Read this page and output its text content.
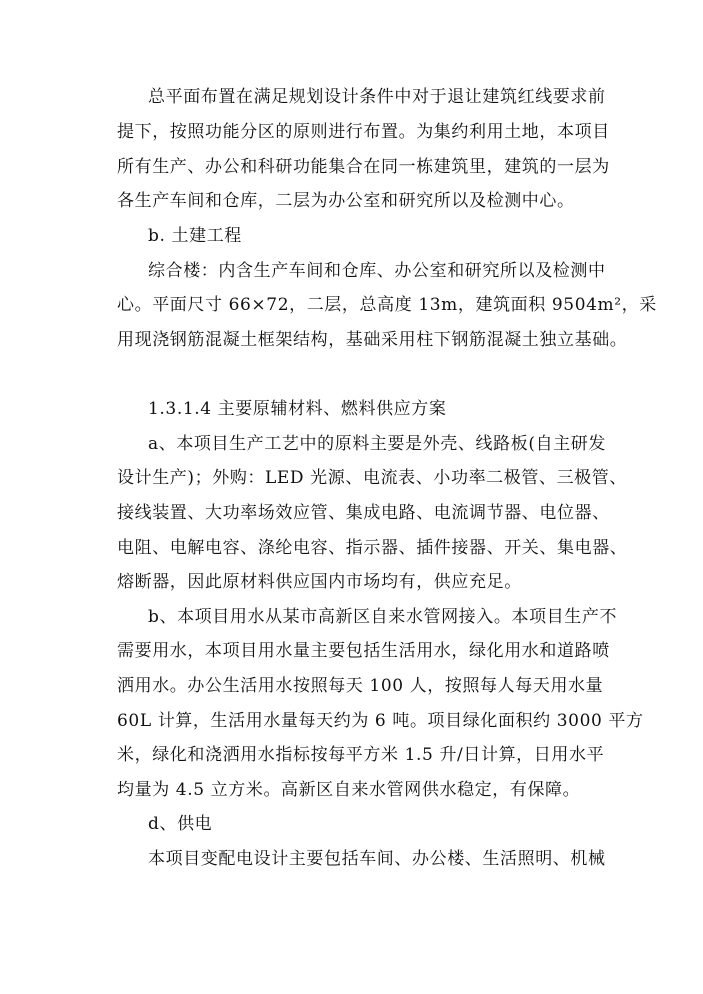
总平面布置在满足规划设计条件中对于退让建筑红线要求前
提下，按照功能分区的原则进行布置。为集约利用土地，本项目
所有生产、办公和科研功能集合在同一栋建筑里，建筑的一层为
各生产车间和仓库，二层为办公室和研究所以及检测中心。
b. 土建工程
综合楼：内含生产车间和仓库、办公室和研究所以及检测中
心。平面尺寸 66×72，二层，总高度 13m，建筑面积 9504m²，采
用现浇钢筋混凝土框架结构，基础采用柱下钢筋混凝土独立基础。
1.3.1.4 主要原辅材料、燃料供应方案
a、本项目生产工艺中的原料主要是外壳、线路板(自主研发
设计生产)；外购：LED 光源、电流表、小功率二极管、三极管、
接线装置、大功率场效应管、集成电路、电流调节器、电位器、
电阻、电解电容、涤纶电容、指示器、插件接器、开关、集电器、
熔断器，因此原材料供应国内市场均有，供应充足。
b、本项目用水从某市高新区自来水管网接入。本项目生产不
需要用水，本项目用水量主要包括生活用水，绿化用水和道路喷
洒用水。办公生活用水按照每天 100 人，按照每人每天用水量
60L 计算，生活用水量每天约为 6 吨。项目绿化面积约 3000 平方
米，绿化和浇洒用水指标按每平方米 1.5 升/日计算，日用水平
均量为 4.5 立方米。高新区自来水管网供水稳定，有保障。
d、供电
本项目变配电设计主要包括车间、办公楼、生活照明、机械
